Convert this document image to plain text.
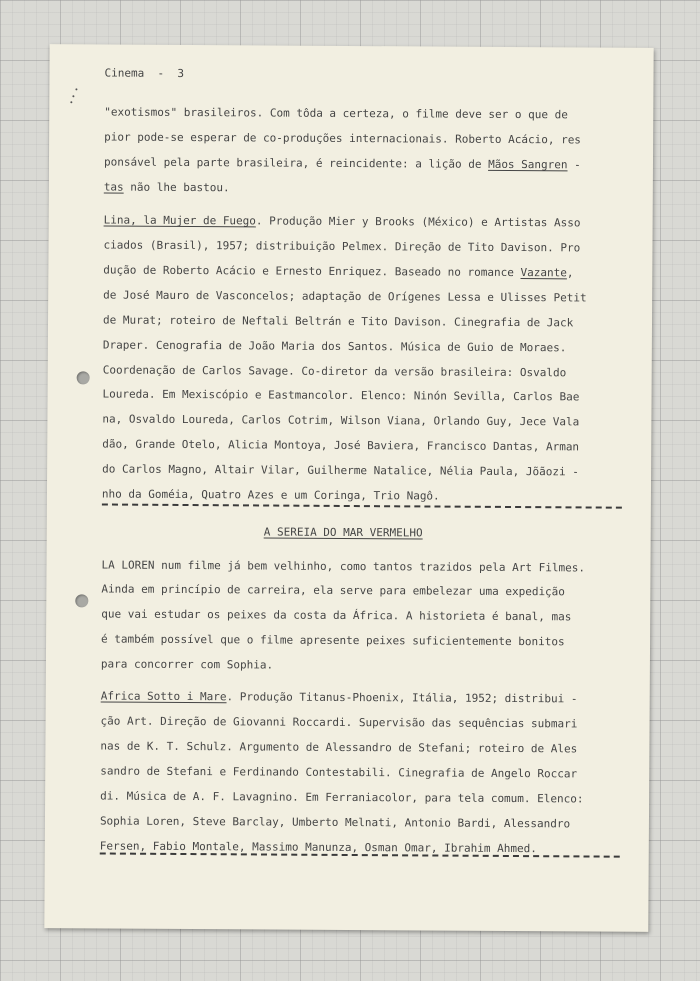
Cinema  -  3

"exotismos" brasileiros. Com tôda a certeza, o filme deve ser o que de

pior pode-se esperar de co-produções internacionais. Roberto Acácio, res

ponsável pela parte brasileira, é reincidente: a lição de Mãos Sangren -

tas não lhe bastou.

Lina, la Mujer de Fuego. Produção Mier y Brooks (México) e Artistas Asso

ciados (Brasil), 1957; distribuição Pelmex. Direção de Tito Davison. Pro

dução de Roberto Acácio e Ernesto Enriquez. Baseado no romance Vazante,

de José Mauro de Vasconcelos; adaptação de Orígenes Lessa e Ulisses Petit

de Murat; roteiro de Neftali Beltrán e Tito Davison. Cinegrafia de Jack

Draper. Cenografia de João Maria dos Santos. Música de Guio de Moraes.

Coordenação de Carlos Savage. Co-diretor da versão brasileira: Osvaldo

Loureda. Em Mexiscópio e Eastmancolor. Elenco: Ninón Sevilla, Carlos Bae

na, Osvaldo Loureda, Carlos Cotrim, Wilson Viana, Orlando Guy, Jece Vala

dão, Grande Otelo, Alicia Montoya, José Baviera, Francisco Dantas, Arman

do Carlos Magno, Altair Vilar, Guilherme Natalice, Nélia Paula, Jõãozi -

nho da Goméia, Quatro Azes e um Coringa, Trio Nagô.

A SEREIA DO MAR VERMELHO

LA LOREN num filme já bem velhinho, como tantos trazidos pela Art Filmes.

Ainda em princípio de carreira, ela serve para embelezar uma expedição

que vai estudar os peixes da costa da África. A historieta é banal, mas

é também possível que o filme apresente peixes suficientemente bonitos

para concorrer com Sophia.

Africa Sotto i Mare. Produção Titanus-Phoenix, Itália, 1952; distribui -

ção Art. Direção de Giovanni Roccardi. Supervisão das sequências submari

nas de K. T. Schulz. Argumento de Alessandro de Stefani; roteiro de Ales

sandro de Stefani e Ferdinando Contestabili. Cinegrafia de Angelo Roccar

di. Música de A. F. Lavagnino. Em Ferraniacolor, para tela comum. Elenco:

Sophia Loren, Steve Barclay, Umberto Melnati, Antonio Bardi, Alessandro

Fersen, Fabio Montale, Massimo Manunza, Osman Omar, Ibrahim Ahmed.
